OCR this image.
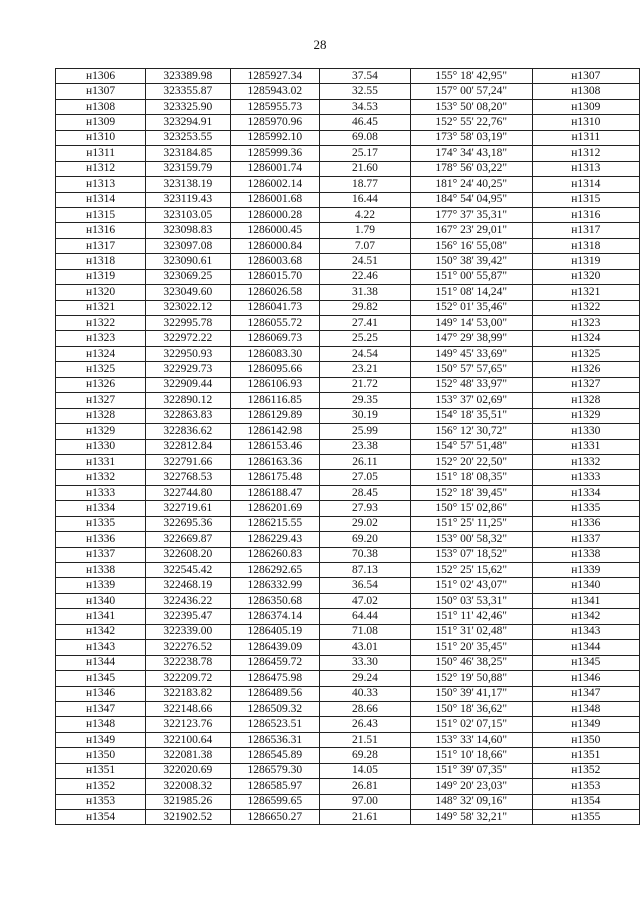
28
н1306	323389.98	1285927.34	37.54	155° 18' 42,95"	н1307
н1307	323355.87	1285943.02	32.55	157° 00' 57,24"	н1308
н1308	323325.90	1285955.73	34.53	153° 50' 08,20"	н1309
н1309	323294.91	1285970.96	46.45	152° 55' 22,76"	н1310
н1310	323253.55	1285992.10	69.08	173° 58' 03,19"	н1311
н1311	323184.85	1285999.36	25.17	174° 34' 43,18"	н1312
н1312	323159.79	1286001.74	21.60	178° 56' 03,22"	н1313
н1313	323138.19	1286002.14	18.77	181° 24' 40,25"	н1314
н1314	323119.43	1286001.68	16.44	184° 54' 04,95"	н1315
н1315	323103.05	1286000.28	4.22	177° 37' 35,31"	н1316
н1316	323098.83	1286000.45	1.79	167° 23' 29,01"	н1317
н1317	323097.08	1286000.84	7.07	156° 16' 55,08"	н1318
н1318	323090.61	1286003.68	24.51	150° 38' 39,42"	н1319
н1319	323069.25	1286015.70	22.46	151° 00' 55,87"	н1320
н1320	323049.60	1286026.58	31.38	151° 08' 14,24"	н1321
н1321	323022.12	1286041.73	29.82	152° 01' 35,46"	н1322
н1322	322995.78	1286055.72	27.41	149° 14' 53,00"	н1323
н1323	322972.22	1286069.73	25.25	147° 29' 38,99"	н1324
н1324	322950.93	1286083.30	24.54	149° 45' 33,69"	н1325
н1325	322929.73	1286095.66	23.21	150° 57' 57,65"	н1326
н1326	322909.44	1286106.93	21.72	152° 48' 33,97"	н1327
н1327	322890.12	1286116.85	29.35	153° 37' 02,69"	н1328
н1328	322863.83	1286129.89	30.19	154° 18' 35,51"	н1329
н1329	322836.62	1286142.98	25.99	156° 12' 30,72"	н1330
н1330	322812.84	1286153.46	23.38	154° 57' 51,48"	н1331
н1331	322791.66	1286163.36	26.11	152° 20' 22,50"	н1332
н1332	322768.53	1286175.48	27.05	151° 18' 08,35"	н1333
н1333	322744.80	1286188.47	28.45	152° 18' 39,45"	н1334
н1334	322719.61	1286201.69	27.93	150° 15' 02,86"	н1335
н1335	322695.36	1286215.55	29.02	151° 25' 11,25"	н1336
н1336	322669.87	1286229.43	69.20	153° 00' 58,32"	н1337
н1337	322608.20	1286260.83	70.38	153° 07' 18,52"	н1338
н1338	322545.42	1286292.65	87.13	152° 25' 15,62"	н1339
н1339	322468.19	1286332.99	36.54	151° 02' 43,07"	н1340
н1340	322436.22	1286350.68	47.02	150° 03' 53,31"	н1341
н1341	322395.47	1286374.14	64.44	151° 11' 42,46"	н1342
н1342	322339.00	1286405.19	71.08	151° 31' 02,48"	н1343
н1343	322276.52	1286439.09	43.01	151° 20' 35,45"	н1344
н1344	322238.78	1286459.72	33.30	150° 46' 38,25"	н1345
н1345	322209.72	1286475.98	29.24	152° 19' 50,88"	н1346
н1346	322183.82	1286489.56	40.33	150° 39' 41,17"	н1347
н1347	322148.66	1286509.32	28.66	150° 18' 36,62"	н1348
н1348	322123.76	1286523.51	26.43	151° 02' 07,15"	н1349
н1349	322100.64	1286536.31	21.51	153° 33' 14,60"	н1350
н1350	322081.38	1286545.89	69.28	151° 10' 18,66"	н1351
н1351	322020.69	1286579.30	14.05	151° 39' 07,35"	н1352
н1352	322008.32	1286585.97	26.81	149° 20' 23,03"	н1353
н1353	321985.26	1286599.65	97.00	148° 32' 09,16"	н1354
н1354	321902.52	1286650.27	21.61	149° 58' 32,21"	н1355
